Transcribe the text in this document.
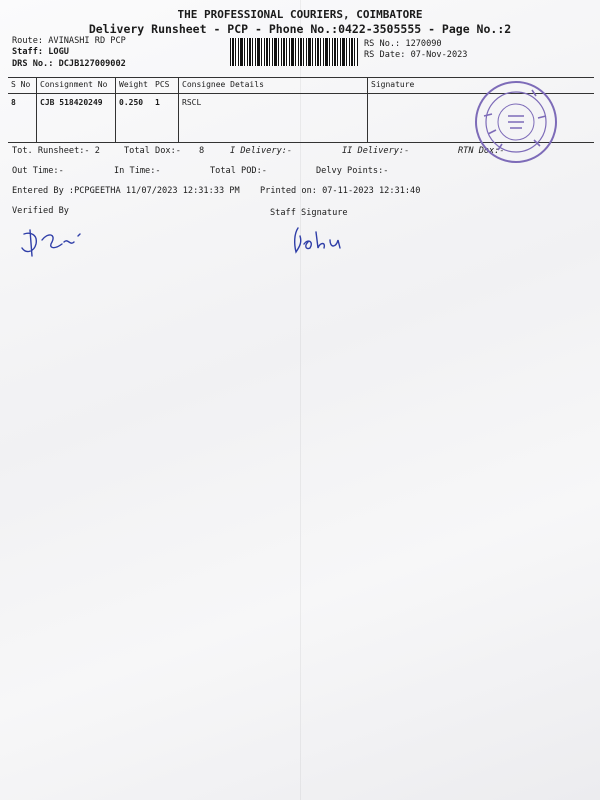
THE PROFESSIONAL COURIERS, COIMBATORE
Delivery Runsheet - PCP - Phone No.:0422-3505555 - Page No.:2
Route: AVINASHI RD PCP
Staff: LOGU
DRS No.: DCJB127009002
RS No.: 1270090
RS Date: 07-Nov-2023
S No	Consignment No	Weight	PCS	Consignee Details	Signature
8	CJB 518420249	0.250	1	RSCL	
Tot. Runsheet:- 2	Total Dox:- 8	I Delivery:-	II Delivery:-	RTN Dox:-
Out Time:-	In Time:-	Total POD:-	Delvy Points:-
Entered By :PCPGEETHA 11/07/2023 12:31:33 PM Printed on: 07-11-2023 12:31:40
Verified By	Staff Signature
